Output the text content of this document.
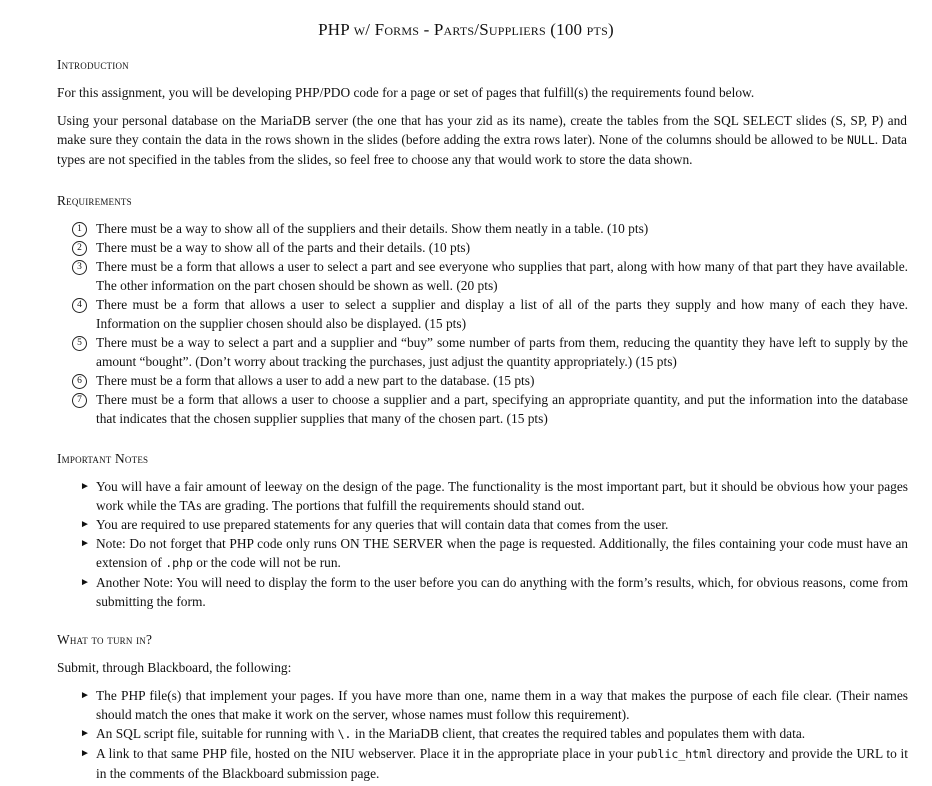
PHP w/ Forms - Parts/Suppliers (100 pts)
Introduction
For this assignment, you will be developing PHP/PDO code for a page or set of pages that fulfill(s) the requirements found below.
Using your personal database on the MariaDB server (the one that has your zid as its name), create the tables from the SQL SELECT slides (S, SP, P) and make sure they contain the data in the rows shown in the slides (before adding the extra rows later). None of the columns should be allowed to be NULL. Data types are not specified in the tables from the slides, so feel free to choose any that would work to store the data shown.
Requirements
1	There must be a way to show all of the suppliers and their details. Show them neatly in a table. (10 pts)
2	There must be a way to show all of the parts and their details. (10 pts)
3	There must be a form that allows a user to select a part and see everyone who supplies that part, along with how many of that part they have available. The other information on the part chosen should be shown as well. (20 pts)
4	There must be a form that allows a user to select a supplier and display a list of all of the parts they supply and how many of each they have. Information on the supplier chosen should also be displayed. (15 pts)
5	There must be a way to select a part and a supplier and “buy” some number of parts from them, reducing the quantity they have left to supply by the amount “bought”. (Don’t worry about tracking the purchases, just adjust the quantity appropriately.) (15 pts)
6	There must be a form that allows a user to add a new part to the database. (15 pts)
7	There must be a form that allows a user to choose a supplier and a part, specifying an appropriate quantity, and put the information into the database that indicates that the chosen supplier supplies that many of the chosen part. (15 pts)
Important Notes
► You will have a fair amount of leeway on the design of the page. The functionality is the most important part, but it should be obvious how your pages work while the TAs are grading. The portions that fulfill the requirements should stand out.
► You are required to use prepared statements for any queries that will contain data that comes from the user.
► Note: Do not forget that PHP code only runs ON THE SERVER when the page is requested. Additionally, the files containing your code must have an extension of .php or the code will not be run.
► Another Note: You will need to display the form to the user before you can do anything with the form’s results, which, for obvious reasons, come from submitting the form.
What to turn in?
Submit, through Blackboard, the following:
► The PHP file(s) that implement your pages. If you have more than one, name them in a way that makes the purpose of each file clear. (Their names should match the ones that make it work on the server, whose names must follow this requirement).
► An SQL script file, suitable for running with \. in the MariaDB client, that creates the required tables and populates them with data.
► A link to that same PHP file, hosted on the NIU webserver. Place it in the appropriate place in your public_html directory and provide the URL to it in the comments of the Blackboard submission page.
